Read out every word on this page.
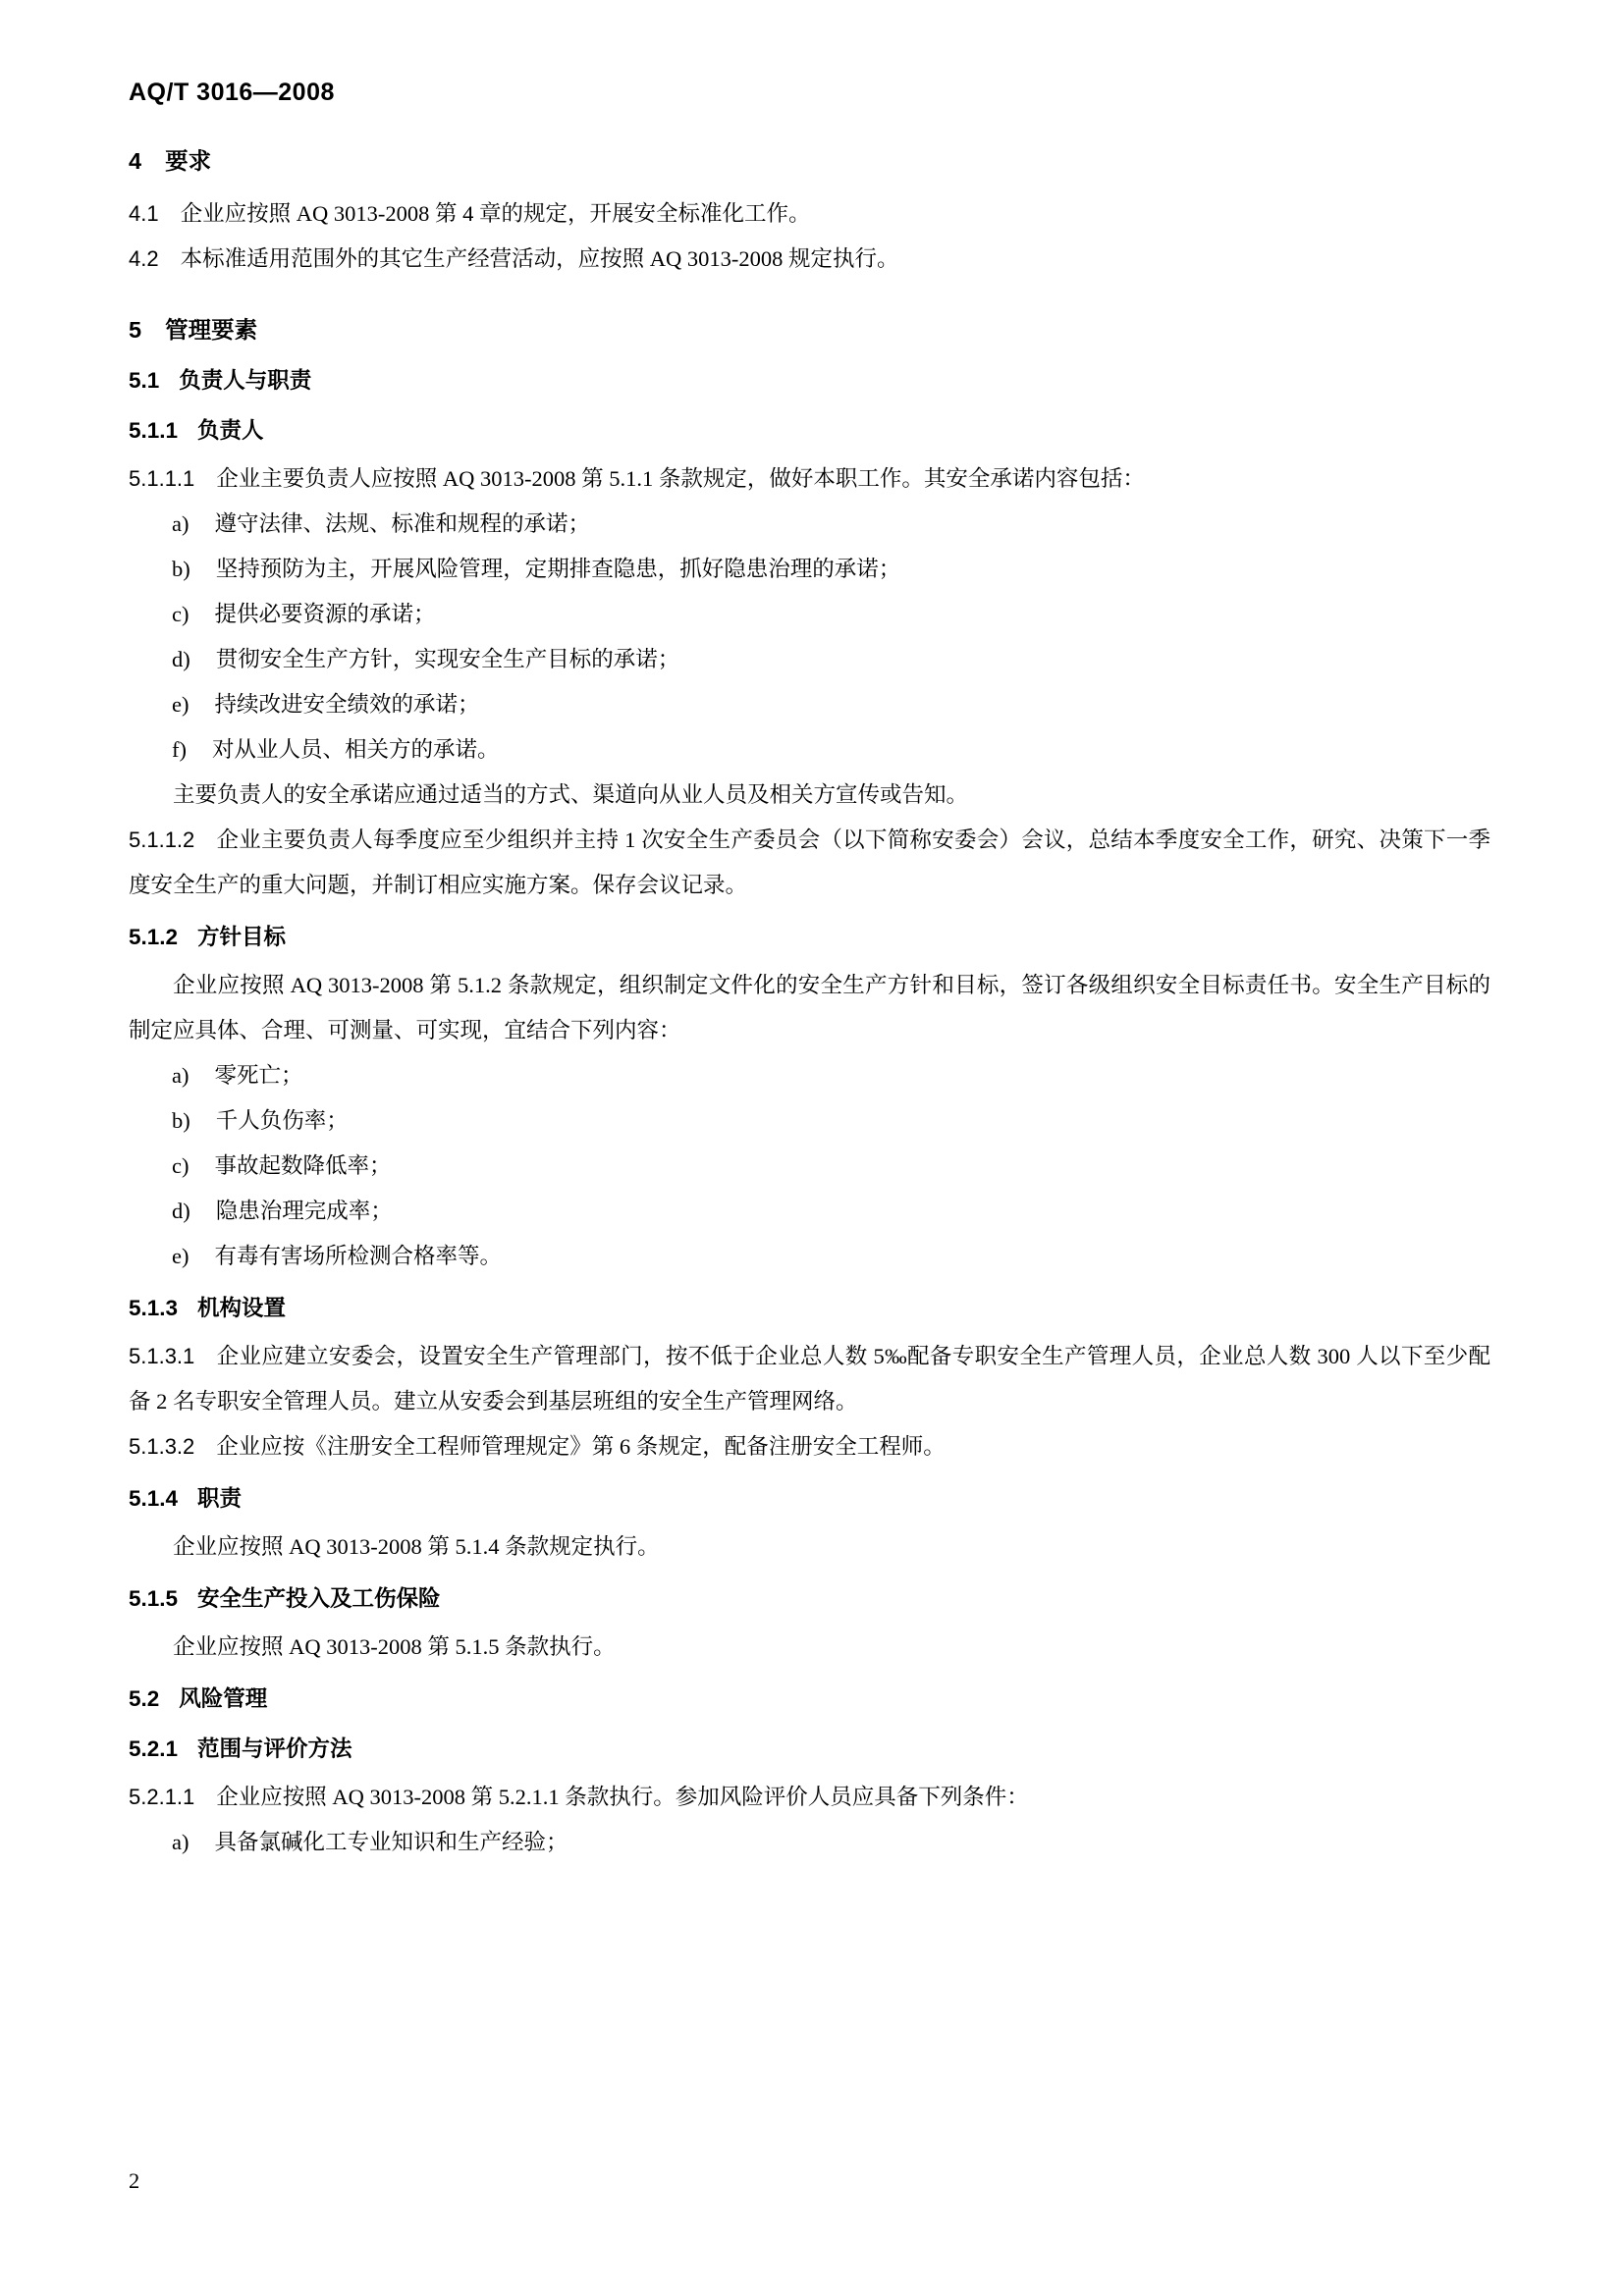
AQ/T 3016—2008

4 要求

4.1 企业应按照 AQ 3013-2008 第 4 章的规定，开展安全标准化工作。

4.2 本标准适用范围外的其它生产经营活动，应按照 AQ 3013-2008 规定执行。

5 管理要素
5.1 负责人与职责
5.1.1 负责人

5.1.1.1 企业主要负责人应按照 AQ 3013-2008 第 5.1.1 条款规定，做好本职工作。其安全承诺内容包括：

a) 遵守法律、法规、标准和规程的承诺；

b) 坚持预防为主，开展风险管理，定期排查隐患，抓好隐患治理的承诺；

c) 提供必要资源的承诺；

d) 贯彻安全生产方针，实现安全生产目标的承诺；

e) 持续改进安全绩效的承诺；

f) 对从业人员、相关方的承诺。

主要负责人的安全承诺应通过适当的方式、渠道向从业人员及相关方宣传或告知。

5.1.1.2 企业主要负责人每季度应至少组织并主持 1 次安全生产委员会（以下简称安委会）会议，总结本季度安全工作，研究、决策下一季度安全生产的重大问题，并制订相应实施方案。保存会议记录。

5.1.2 方针目标

企业应按照 AQ 3013-2008 第 5.1.2 条款规定，组织制定文件化的安全生产方针和目标，签订各级组织安全目标责任书。安全生产目标的制定应具体、合理、可测量、可实现，宜结合下列内容：

a) 零死亡；

b) 千人负伤率；

c) 事故起数降低率；

d) 隐患治理完成率；

e) 有毒有害场所检测合格率等。

5.1.3 机构设置

5.1.3.1 企业应建立安委会，设置安全生产管理部门，按不低于企业总人数 5‰配备专职安全生产管理人员，企业总人数 300 人以下至少配备 2 名专职安全管理人员。建立从安委会到基层班组的安全生产管理网络。

5.1.3.2 企业应按《注册安全工程师管理规定》第 6 条规定，配备注册安全工程师。

5.1.4 职责

企业应按照 AQ 3013-2008 第 5.1.4 条款规定执行。

5.1.5 安全生产投入及工伤保险

企业应按照 AQ 3013-2008 第 5.1.5 条款执行。

5.2 风险管理
5.2.1 范围与评价方法

5.2.1.1 企业应按照 AQ 3013-2008 第 5.2.1.1 条款执行。参加风险评价人员应具备下列条件：

a) 具备氯碱化工专业知识和生产经验；

2
